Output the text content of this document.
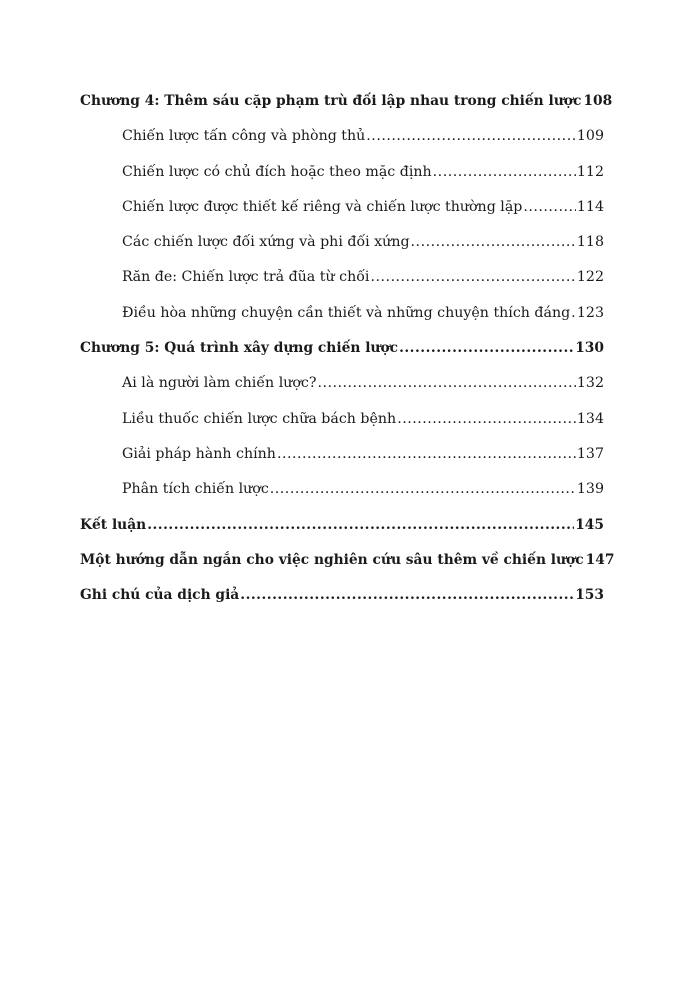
Chương 4: Thêm sáu cặp phạm trù đối lập nhau trong chiến lược 108
Chiến lược tấn công và phòng thủ .....	109
Chiến lược có chủ đích hoặc theo mặc định .....	112
Chiến lược được thiết kế riêng và chiến lược thường lặp .....	114
Các chiến lược đối xứng và phi đối xứng .....	118
Răn đe: Chiến lược trả đũa từ chối .....	122
Điều hòa những chuyện cần thiết và những chuyện thích đáng ..... 123
Chương 5: Quá trình xây dựng chiến lược .....	130
Ai là người làm chiến lược? .....	132
Liều thuốc chiến lược chữa bách bệnh .....	134
Giải pháp hành chính .....	137
Phân tích chiến lược .....	139
Kết luận .....	145
Một hướng dẫn ngắn cho việc nghiên cứu sâu thêm về chiến lược 147
Ghi chú của dịch giả .....	153
